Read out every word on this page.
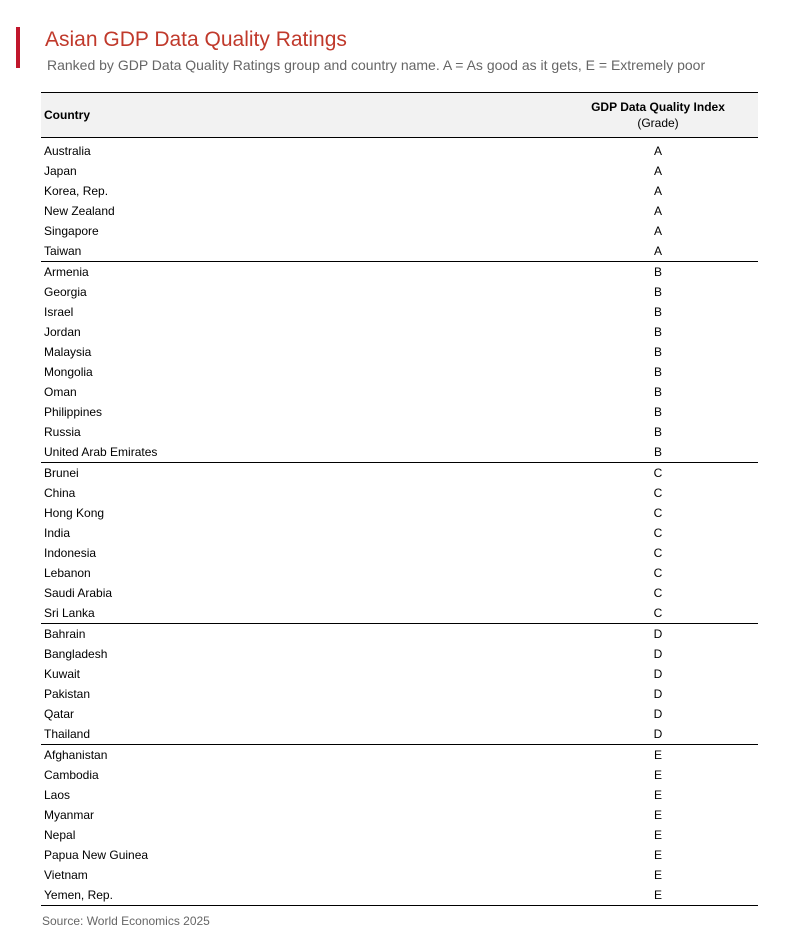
Asian GDP Data Quality Ratings
Ranked by GDP Data Quality Ratings group and country name. A = As good as it gets, E = Extremely poor
Country	GDP Data Quality Index
(Grade)

Australia	A
Japan	A
Korea, Rep.	A
New Zealand	A
Singapore	A
Taiwan	A
Armenia	B
Georgia	B
Israel	B
Jordan	B
Malaysia	B
Mongolia	B
Oman	B
Philippines	B
Russia	B
United Arab Emirates	B
Brunei	C
China	C
Hong Kong	C
India	C
Indonesia	C
Lebanon	C
Saudi Arabia	C
Sri Lanka	C
Bahrain	D
Bangladesh	D
Kuwait	D
Pakistan	D
Qatar	D
Thailand	D
Afghanistan	E
Cambodia	E
Laos	E
Myanmar	E
Nepal	E
Papua New Guinea	E
Vietnam	E
Yemen, Rep.	E
Source: World Economics 2025
